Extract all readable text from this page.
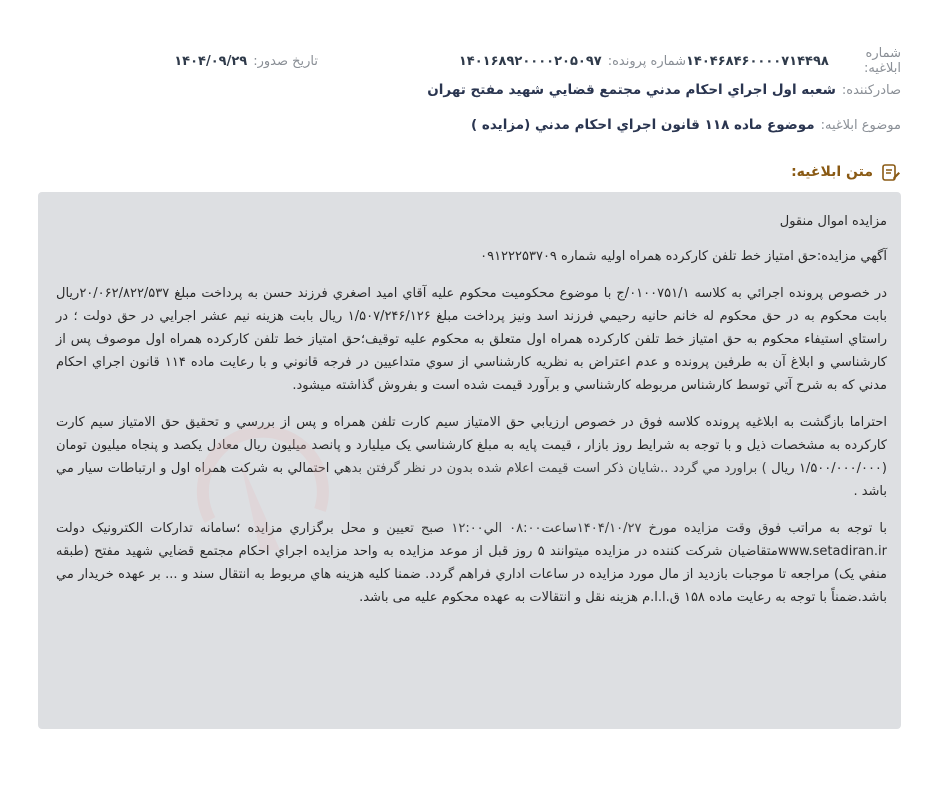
شماره ابلاغيه:
۱۴۰۴۶۸۴۶۰۰۰۰۷۱۴۴۹۸
شماره پرونده:
۱۴۰۱۶۸۹۲۰۰۰۰۲۰۵۰۹۷
تاريخ صدور:
۱۴۰۴/۰۹/۲۹
صادرکننده:
شعبه اول اجراي احکام مدني مجتمع قضايي شهيد مفتح تهران
موضوع ابلاغيه:
موضوع ماده ۱۱۸ قانون اجراي احکام مدني (مزايده )
متن ابلاغيه:
مزايده اموال منقول
آگهي مزايده:حق امتياز خط تلفن كاركرده همراه اوليه شماره ۰۹۱۲۲۲۵۳۷۰۹

در خصوص پرونده اجرائي به كلاسه ۰۱۰۰۷۵۱/۱/ج با موضوع محكوميت محكوم عليه آقاي اميد اصغري فرزند حسن به پرداخت مبلغ ۲۰/۰۶۲/۸۲۲/۵۳۷ريال بابت محکوم به در حق محکوم له خانم حانيه رحيمي فرزند اسد ونيز پرداخت مبلغ ۱/۵۰۷/۲۴۶/۱۲۶ ريال بابت هزينه نيم عشر اجرايي در حق دولت ؛ در راستاي استيفاء محکوم به حق امتياز خط تلفن كاركرده همراه اول متعلق به محکوم عليه توقيف؛حق امتياز خط تلفن كاركرده همراه اول موصوف پس از كارشناسي و ابلاغ آن به طرفين پرونده و عدم اعتراض به نظريه كارشناسي از سوي متداعيين در فرجه قانوني و با رعايت ماده ۱۱۴ قانون اجراي احكام مدني كه به شرح آتي توسط كارشناس مربوطه كارشناسي و برآورد قيمت شده است و بفروش گذاشته ميشود.

احتراما بازگشت به ابلاغيه پرونده كلاسه فوق در خصوص ارزيابي حق الامتياز سيم كارت تلفن همراه و پس از بررسي و تحقيق حق الامتياز سيم كارت كاركرده به مشخصات ذيل و با توجه به شرايط روز بازار ، قيمت پايه به مبلغ كارشناسي يک ميليارد و پانصد ميليون ريال معادل يكصد و پنجاه ميليون تومان (۱/۵۰۰/۰۰۰/۰۰۰ ريال ) براورد مي گردد ..شايان ذكر است قيمت اعلام شده بدون در نظر گرفتن بدهي احتمالي به شركت همراه اول و ارتباطات سيار مي باشد .

با توجه به مراتب فوق وقت مزايده مورخ ۱۴۰۴/۱۰/۲۷ساعت۰۸:۰۰ الي۱۲:۰۰ صبح تعيين و محل برگزاري مزايده ؛سامانه تدارکات الکترونيک دولت www.setadiran.irمتقاضيان شركت كننده در مزايده ميتوانند ۵ روز قبل از موعد مزايده به واحد مزايده اجراي احكام مجتمع قضايي شهيد مفتح (طبقه منفي يک) مراجعه تا موجبات بازديد از مال مورد مزايده در ساعات اداري فراهم گردد. ضمنا كليه هزينه هاي مربوط به انتقال سند و ... بر عهده خريدار مي باشد.ضمناً با توجه به رعايت ماده ۱۵۸ ق.ا.ا.م هزينه نقل و انتقالات به عهده محکوم عليه می باشد.
